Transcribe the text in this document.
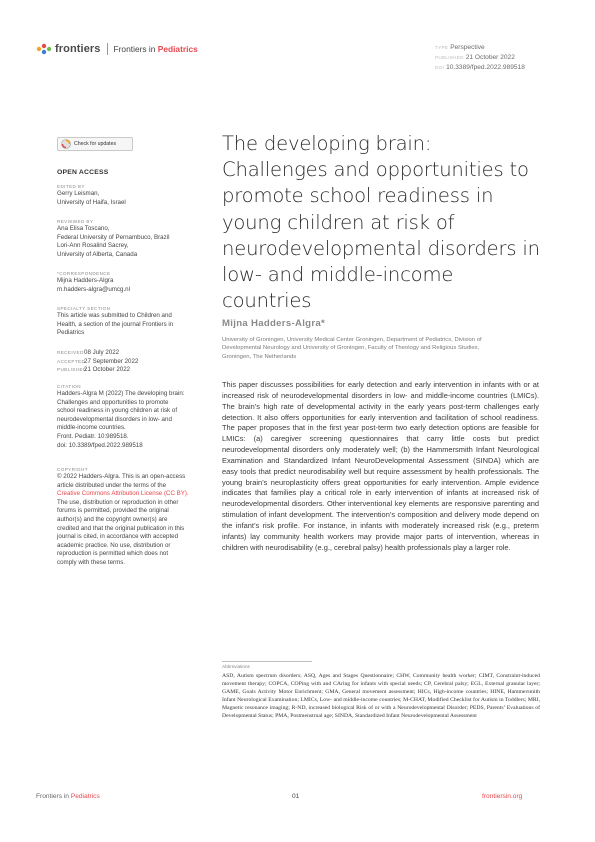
frontiers Frontiers in Pediatrics	TYPE Perspective
PUBLISHED 21 October 2022
DOI 10.3389/fped.2022.989518
Check for updates
OPEN ACCESS
EDITED BY
Gerry Leisman,
University of Haifa, Israel
REVIEWED BY
Ana Elisa Toscano,
Federal University of Pernambuco, Brazil
Lori-Ann Rosalind Sacrey,
University of Alberta, Canada
*CORRESPONDENCE
Mijna Hadders-Algra
m.hadders-algra@umcg.nl
SPECIALTY SECTION
This article was submitted to Children and
Health, a section of the journal Frontiers in
Pediatrics
RECEIVED08 July 2022
ACCEPTED27 September 2022
PUBLISHED21 October 2022
CITATION
Hadders-Algra M (2022) The developing brain:
Challenges and opportunities to promote
school readiness in young children at risk of
neurodevelopmental disorders in low- and
middle-income countries.
Front. Pediatr. 10:989518.
doi: 10.3389/fped.2022.989518
COPYRIGHT
© 2022 Hadders-Algra. This is an open-access
article distributed under the terms of the
Creative Commons Attribution License (CC BY).
The use, distribution or reproduction in other
forums is permitted, provided the original
author(s) and the copyright owner(s) are
credited and that the original publication in this
journal is cited, in accordance with accepted
academic practice. No use, distribution or
reproduction is permitted which does not
comply with these terms.
The developing brain:
Challenges and opportunities to
promote school readiness in
young children at risk of
neurodevelopmental disorders in
low- and middle-income
countries
Mijna Hadders-Algra*
University of Groningen, University Medical Center Groningen, Department of Pediatrics, Division of
Developmental Neurology and University of Groningen, Faculty of Theology and Religious Studies,
Groningen, The Netherlands
This paper discusses possibilities for early detection and early intervention in infants with or at increased risk of neurodevelopmental disorders in low- and middle-income countries (LMICs). The brain’s high rate of developmental activity in the early years post-term challenges early detection. It also offers opportunities for early intervention and facilitation of school readiness. The paper proposes that in the first year post-term two early detection options are feasible for LMICs: (a) caregiver screening questionnaires that carry little costs but predict neurodevelopmental disorders only moderately well; (b) the Hammersmith Infant Neurological Examination and Standardized Infant NeuroDevelopmental Assessment (SINDA) which are easy tools that predict neurodisability well but require assessment by health professionals. The young brain’s neuroplasticity offers great opportunities for early intervention. Ample evidence indicates that families play a critical role in early intervention of infants at increased risk of neurodevelopmental disorders. Other interventional key elements are responsive parenting and stimulation of infant development. The intervention’s composition and delivery mode depend on the infant’s risk profile. For instance, in infants with moderately increased risk (e.g., preterm infants) lay community health workers may provide major parts of intervention, whereas in children with neurodisability (e.g., cerebral palsy) health professionals play a larger role.
Abbreviations
ASD, Autism spectrum disorders; ASQ, Ages and Stages Questionnaire; CHW, Community health worker; CIMT, Constraint-induced movement therapy; COPCA, COPing with and CAring for infants with special needs; CP, Cerebral palsy; EGL, External granular layer; GAME, Goals Activity Motor Enrichment; GMA, General movement assessment; HICs, High-income countries; HINE, Hammersmith Infant Neurological Examination; LMICs, Low- and middle-income countries; M-CHAT, Modified Checklist for Autism in Toddlers; MRI, Magnetic resonance imaging; R-ND, increased biological Risk of or with a Neurodevelopmental Disorder; PEDS, Parents’ Evaluations of Developmental Status; PMA, Postmenstrual age; SINDA, Standardized Infant Neurodevelopmental Assessment
Frontiers in Pediatrics	01	frontiersin.org
